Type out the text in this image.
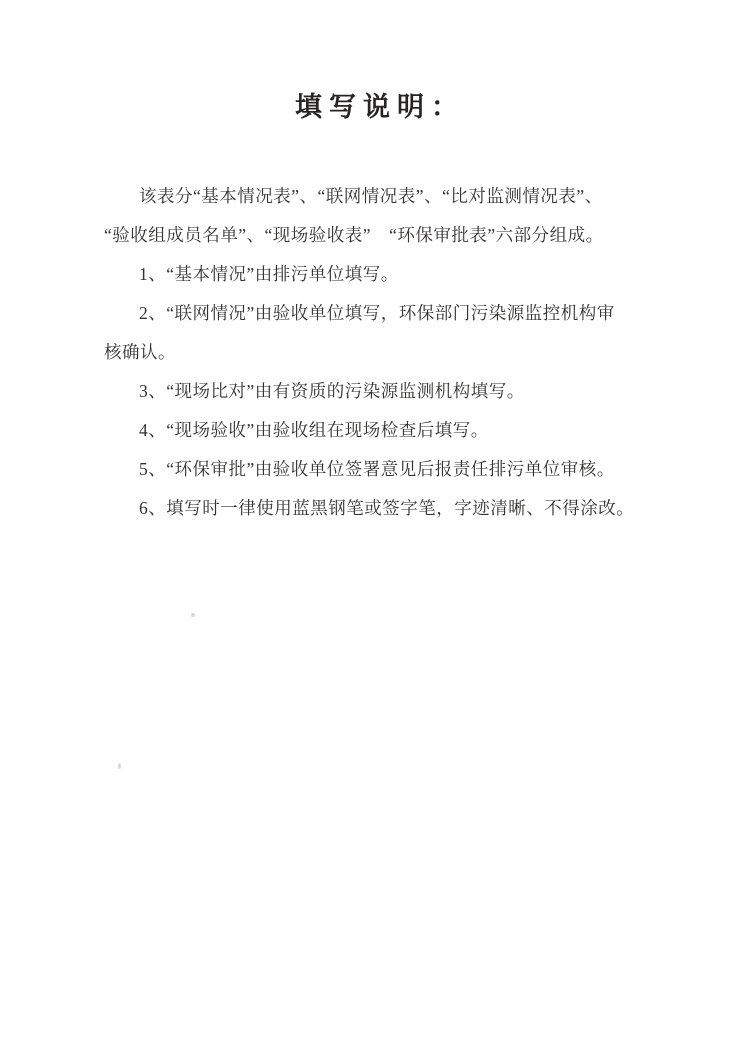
填写说明：

该表分“基本情况表”、“联网情况表”、“比对监测情况表”、

“验收组成员名单”、“现场验收表”　“环保审批表”六部分组成。

1、“基本情况”由排污单位填写。

2、“联网情况”由验收单位填写，环保部门污染源监控机构审

核确认。

3、“现场比对”由有资质的污染源监测机构填写。

4、“现场验收”由验收组在现场检查后填写。

5、“环保审批”由验收单位签署意见后报责任排污单位审核。

6、填写时一律使用蓝黑钢笔或签字笔，字迹清晰、不得涂改。
